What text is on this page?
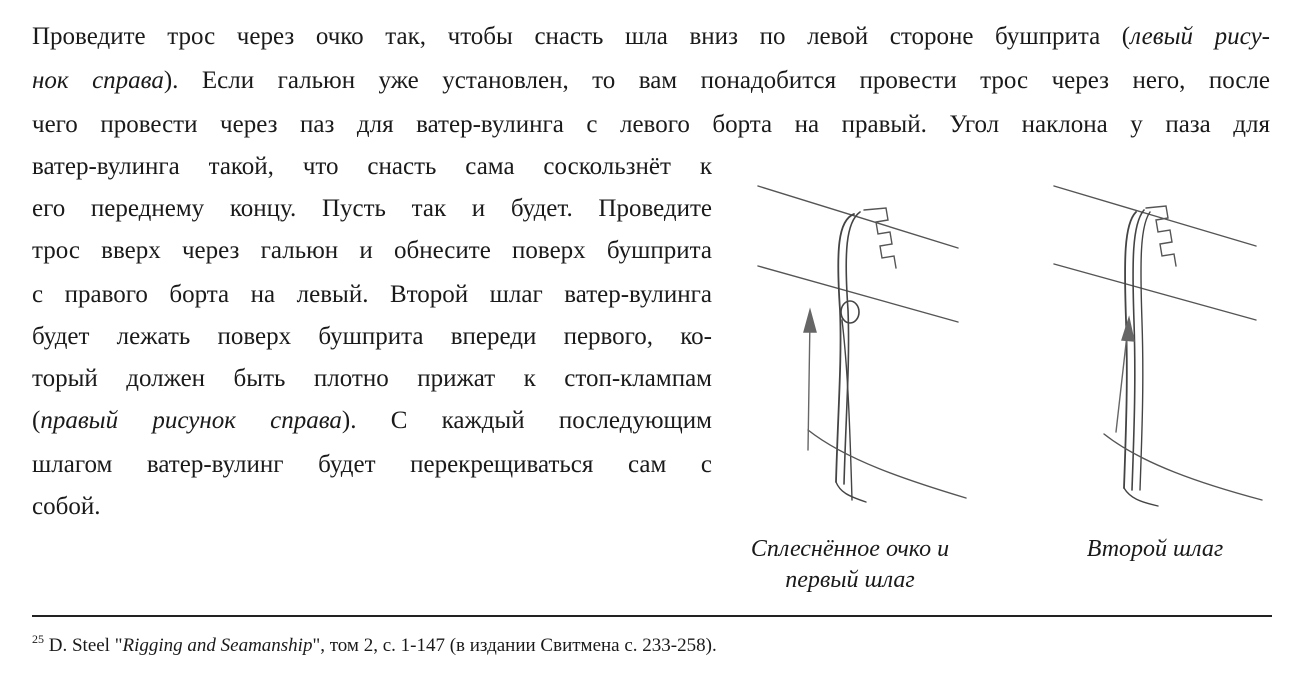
Проведите трос через очко так, чтобы снасть шла вниз по левой стороне бушприта (левый рису-
нок справа). Если гальюн уже установлен, то вам понадобится провести трос через него, после
чего провести через паз для ватер-вулинга с левого борта на правый. Угол наклона у паза для
ватер-вулинга такой, что снасть сама соскользнёт к
его переднему концу. Пусть так и будет. Проведите
трос вверх через гальюн и обнесите поверх бушприта
с правого борта на левый. Второй шлаг ватер-вулинга
будет лежать поверх бушприта впереди первого, ко-
торый должен быть плотно прижат к стоп-клампам
(правый рисунок справа). С каждый последующим
шлагом ватер-вулинг будет перекрещиваться сам с
собой.
Сплеснённое очко и
первый шлаг
Второй шлаг
$^{25}$ D. Steel "Rigging and Seamanship", том 2, с. 1-147 (в издании Свитмена с. 233-258).
